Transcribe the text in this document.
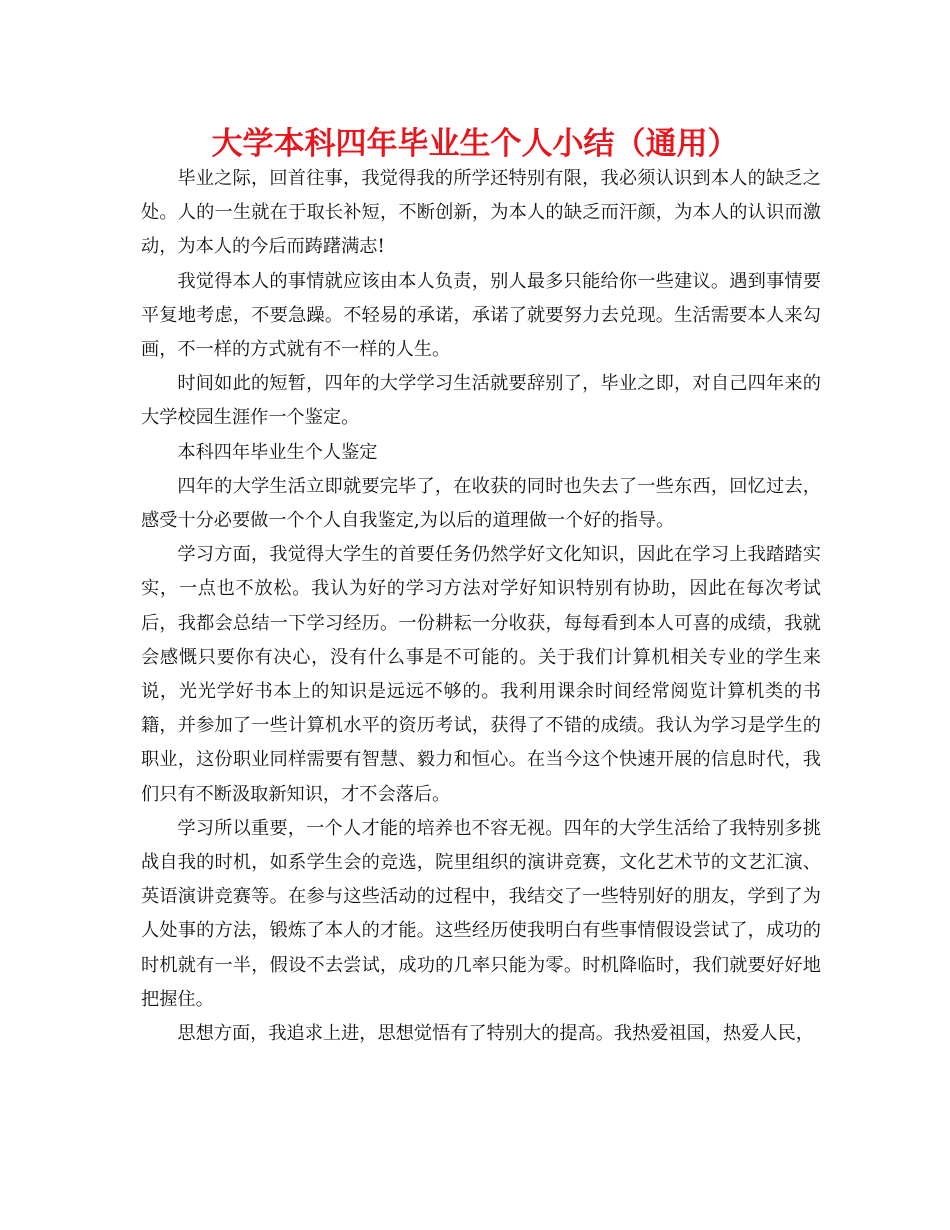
大学本科四年毕业生个人小结（通用）

毕业之际，回首往事，我觉得我的所学还特别有限，我必须认识到本人的缺乏之处。人的一生就在于取长补短，不断创新，为本人的缺乏而汗颜，为本人的认识而激动，为本人的今后而踌躇满志!

我觉得本人的事情就应该由本人负责，别人最多只能给你一些建议。遇到事情要平复地考虑，不要急躁。不轻易的承诺，承诺了就要努力去兑现。生活需要本人来勾画，不一样的方式就有不一样的人生。

时间如此的短暂，四年的大学学习生活就要辞别了，毕业之即，对自己四年来的大学校园生涯作一个鉴定。

本科四年毕业生个人鉴定

四年的大学生活立即就要完毕了，在收获的同时也失去了一些东西，回忆过去，感受十分必要做一个个人自我鉴定,为以后的道理做一个好的指导。

学习方面，我觉得大学生的首要任务仍然学好文化知识，因此在学习上我踏踏实实，一点也不放松。我认为好的学习方法对学好知识特别有协助，因此在每次考试后，我都会总结一下学习经历。一份耕耘一分收获，每每看到本人可喜的成绩，我就会感慨只要你有决心，没有什么事是不可能的。关于我们计算机相关专业的学生来说，光光学好书本上的知识是远远不够的。我利用课余时间经常阅览计算机类的书籍，并参加了一些计算机水平的资历考试，获得了不错的成绩。我认为学习是学生的职业，这份职业同样需要有智慧、毅力和恒心。在当今这个快速开展的信息时代，我们只有不断汲取新知识，才不会落后。

学习所以重要，一个人才能的培养也不容无视。四年的大学生活给了我特别多挑战自我的时机，如系学生会的竞选，院里组织的演讲竞赛，文化艺术节的文艺汇演、英语演讲竞赛等。在参与这些活动的过程中，我结交了一些特别好的朋友，学到了为人处事的方法，锻炼了本人的才能。这些经历使我明白有些事情假设尝试了，成功的时机就有一半，假设不去尝试，成功的几率只能为零。时机降临时，我们就要好好地把握住。

思想方面，我追求上进，思想觉悟有了特别大的提高。我热爱祖国，热爱人民，
